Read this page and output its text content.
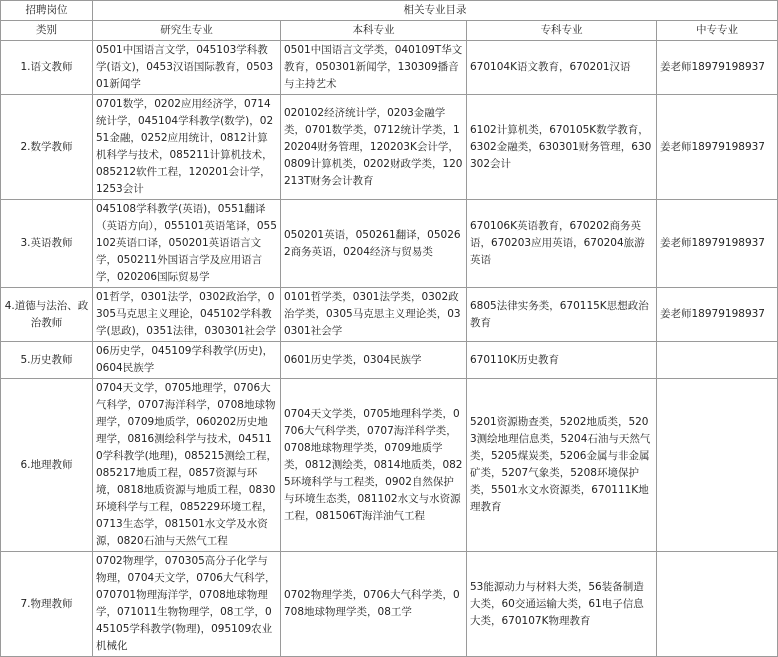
招聘岗位	相关专业目录			
类别	研究生专业	本科专业	专科专业	中专专业
1.语文教师	0501中国语言文学，045103学科教学(语文)，0453汉语国际教育，050301新闻学	0501中国语言文学类，040109T华文教育，050301新闻学，130309播音与主持艺术	670104K语文教育，670201汉语	姜老师18979198937
2.数学教师	0701数学，0202应用经济学，0714统计学，045104学科教学(数学)，0251金融，0252应用统计，0812计算机科学与技术，085211计算机技术，085212软件工程，120201会计学，1253会计	020102经济统计学，0203金融学类，0701数学类，0712统计学类，120204财务管理，120203K会计学，0809计算机类，0202财政学类，120213T财务会计教育	6102计算机类，670105K数学教育，6302金融类，630301财务管理，630302会计	姜老师18979198937
3.英语教师	045108学科教学(英语)，0551翻译（英语方向），055101英语笔译，055102英语口译，050201英语语言文学，050211外国语言学及应用语言学，020206国际贸易学	050201英语，050261翻译，050262商务英语，0204经济与贸易类	670106K英语教育，670202商务英语，670203应用英语，670204旅游英语	姜老师18979198937
4.道德与法治、政治教师	01哲学，0301法学，0302政治学，0305马克思主义理论，045102学科教学(思政)，0351法律，030301社会学	0101哲学类，0301法学类，0302政治学类，0305马克思主义理论类，030301社会学	6805法律实务类，670115K思想政治教育	姜老师18979198937
5.历史教师	06历史学，045109学科教学(历史)，0604民族学	0601历史学类，0304民族学	670110K历史教育	
6.地理教师	0704天文学，0705地理学，0706大气科学，0707海洋科学，0708地球物理学，0709地质学，060202历史地理学，0816测绘科学与技术，045110学科教学(地理)，085215测绘工程，085217地质工程，0857资源与环境，0818地质资源与地质工程，0830环境科学与工程，085229环境工程，0713生态学，081501水文学及水资源，0820石油与天然气工程	0704天文学类，0705地理科学类，0706大气科学类，0707海洋科学类，0708地球物理学类，0709地质学类，0812测绘类，0814地质类，0825环境科学与工程类，0902自然保护与环境生态类，081102水文与水资源工程，081506T海洋油气工程	5201资源勘查类，5202地质类，5203测绘地理信息类，5204石油与天然气类，5205煤炭类，5206金属与非金属矿类，5207气象类，5208环境保护类，5501水文水资源类，670111K地理教育	
7.物理教师	0702物理学，070305高分子化学与物理，0704天文学，0706大气科学，070701物理海洋学，0708地球物理学，071011生物物理学，08工学，045105学科教学(物理)，095109农业机械化	0702物理学类，0706大气科学类，0708地球物理学类，08工学	53能源动力与材料大类，56装备制造大类，60交通运输大类，61电子信息大类，670107K物理教育	
